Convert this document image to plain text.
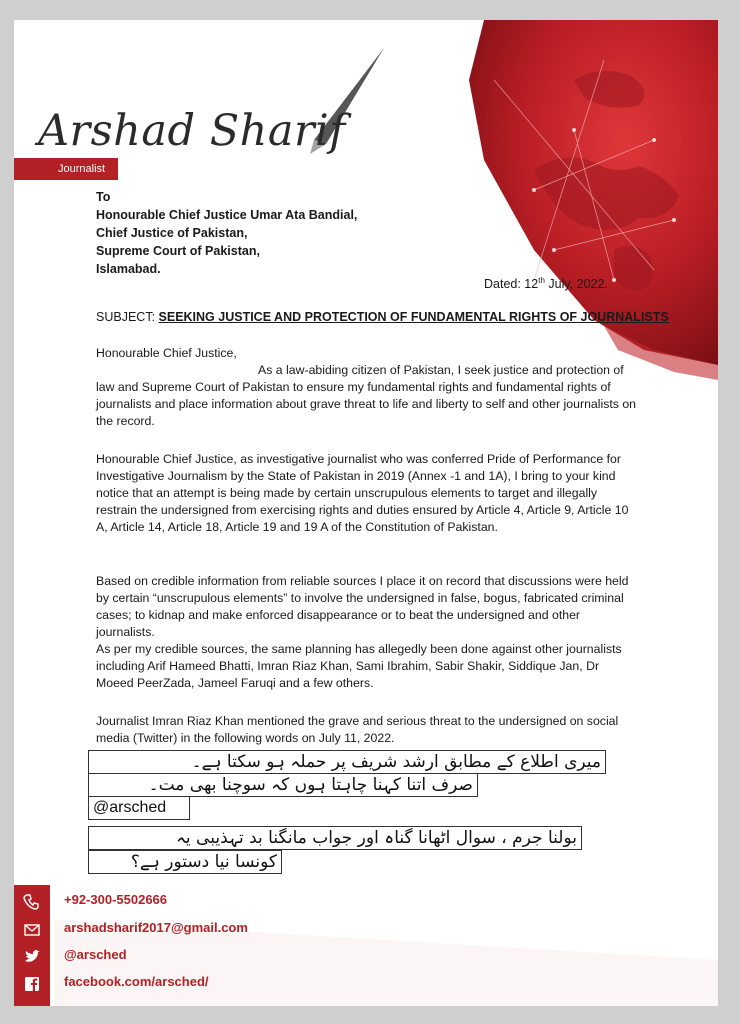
Arshad Sharif
Journalist
To
Honourable Chief Justice Umar Ata Bandial,
Chief Justice of Pakistan,
Supreme Court of Pakistan,
Islamabad.
Dated: 12th July, 2022.
SUBJECT: SEEKING JUSTICE AND PROTECTION OF FUNDAMENTAL RIGHTS OF JOURNALISTS
Honourable Chief Justice,
As a law-abiding citizen of Pakistan, I seek justice and protection of law and Supreme Court of Pakistan to ensure my fundamental rights and fundamental rights of journalists and place information about grave threat to life and liberty to self and other journalists on the record.
Honourable Chief Justice, as investigative journalist who was conferred Pride of Performance for Investigative Journalism by the State of Pakistan in 2019 (Annex -1 and 1A), I bring to your kind notice that an attempt is being made by certain unscrupulous elements to target and illegally restrain the undersigned from exercising rights and duties ensured by Article 4, Article 9, Article 10 A, Article 14, Article 18, Article 19 and 19 A of the Constitution of Pakistan.
Based on credible information from reliable sources I place it on record that discussions were held by certain “unscrupulous elements” to involve the undersigned in false, bogus, fabricated criminal cases; to kidnap and make enforced disappearance or to beat the undersigned and other journalists.
As per my credible sources, the same planning has allegedly been done against other journalists including Arif Hameed Bhatti, Imran Riaz Khan, Sami Ibrahim, Sabir Shakir, Siddique Jan, Dr Moeed PeerZada, Jameel Faruqi and a few others.
Journalist Imran Riaz Khan mentioned the grave and serious threat to the undersigned on social media (Twitter) in the following words on July 11, 2022.
میری اطلاع کے مطابق ارشد شریف پر حملہ ہو سکتا ہے۔
صرف اتنا کہنا چاہتا ہوں کہ سوچنا بھی مت۔
@arsched
بولنا جرم ، سوال اٹھانا گناہ اور جواب مانگنا بد تہذیبی یہ
کونسا نیا دستور ہے؟
+92-300-5502666
arshadsharif2017@gmail.com
@arsched
facebook.com/arsched/
